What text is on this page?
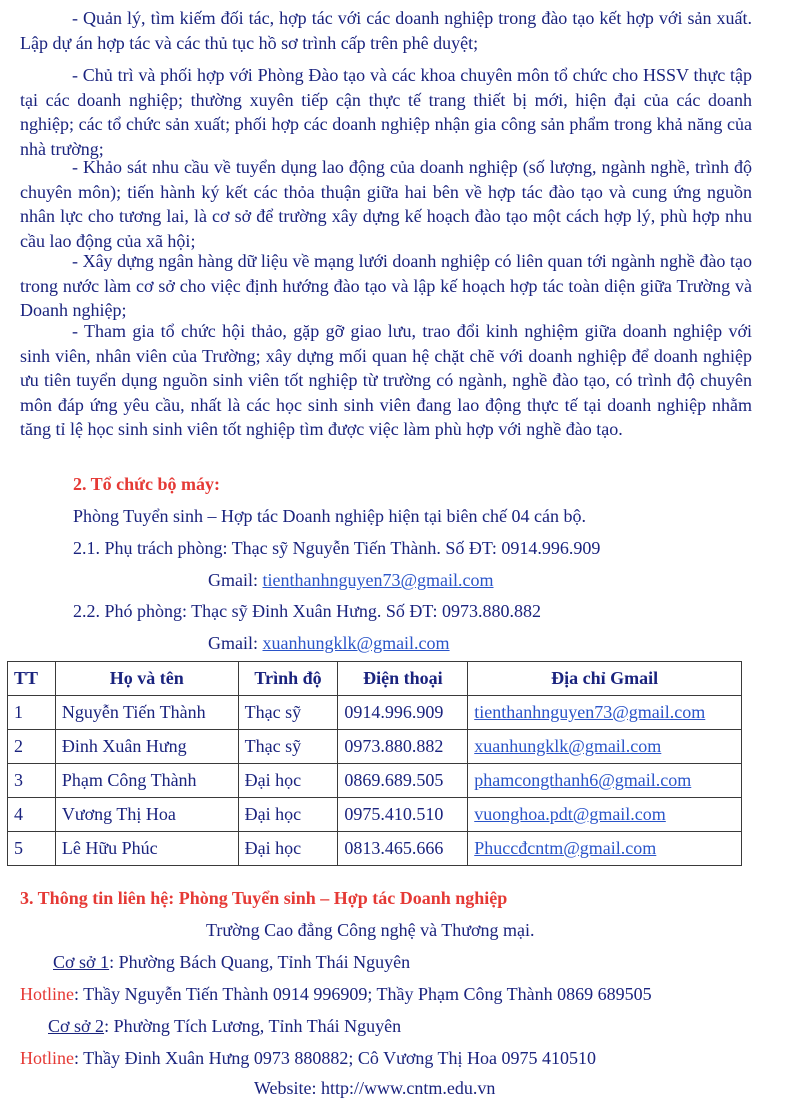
- Quản lý, tìm kiếm đối tác, hợp tác với các doanh nghiệp trong đào tạo kết hợp với sản xuất. Lập dự án hợp tác và các thủ tục hồ sơ trình cấp trên phê duyệt;

- Chủ trì và phối hợp với Phòng Đào tạo và các khoa chuyên môn tổ chức cho HSSV thực tập tại các doanh nghiệp; thường xuyên tiếp cận thực tế trang thiết bị mới, hiện đại của các doanh nghiệp; các tổ chức sản xuất; phối hợp các doanh nghiệp nhận gia công sản phẩm trong khả năng của nhà trường;

- Khảo sát nhu cầu về tuyển dụng lao động của doanh nghiệp (số lượng, ngành nghề, trình độ chuyên môn); tiến hành ký kết các thỏa thuận giữa hai bên về hợp tác đào tạo và cung ứng nguồn nhân lực cho tương lai, là cơ sở để trường xây dựng kế hoạch đào tạo một cách hợp lý, phù hợp nhu cầu lao động của xã hội;

- Xây dựng ngân hàng dữ liệu về mạng lưới doanh nghiệp có liên quan tới ngành nghề đào tạo trong nước làm cơ sở cho việc định hướng đào tạo và lập kế hoạch hợp tác toàn diện giữa Trường và Doanh nghiệp;

- Tham gia tổ chức hội thảo, gặp gỡ giao lưu, trao đổi kinh nghiệm giữa doanh nghiệp với sinh viên, nhân viên của Trường; xây dựng mối quan hệ chặt chẽ với doanh nghiệp để doanh nghiệp ưu tiên tuyển dụng nguồn sinh viên tốt nghiệp từ trường có ngành, nghề đào tạo, có trình độ chuyên môn đáp ứng yêu cầu, nhất là các học sinh sinh viên đang lao động thực tế tại doanh nghiệp nhằm tăng tỉ lệ học sinh sinh viên tốt nghiệp tìm được việc làm phù hợp với nghề đào tạo.

2. Tổ chức bộ máy:

Phòng Tuyển sinh – Hợp tác Doanh nghiệp hiện tại biên chế 04 cán bộ.

2.1. Phụ trách phòng: Thạc sỹ Nguyễn Tiến Thành. Số ĐT: 0914.996.909

Gmail: tienthanhnguyen73@gmail.com

2.2. Phó phòng: Thạc sỹ Đinh Xuân Hưng. Số ĐT: 0973.880.882

Gmail: xuanhungklk@gmail.com

TT	Họ và tên	Trình độ	Điện thoại	Địa chỉ Gmail
1	Nguyễn Tiến Thành	Thạc sỹ	0914.996.909	tienthanhnguyen73@gmail.com
2	Đinh Xuân Hưng	Thạc sỹ	0973.880.882	xuanhungklk@gmail.com
3	Phạm Công Thành	Đại học	0869.689.505	phamcongthanh6@gmail.com
4	Vương Thị Hoa	Đại học	0975.410.510	vuonghoa.pdt@gmail.com
5	Lê Hữu Phúc	Đại học	0813.465.666	Phuccđcntm@gmail.com

3. Thông tin liên hệ: Phòng Tuyển sinh – Hợp tác Doanh nghiệp

Trường Cao đẳng Công nghệ và Thương mại.

Cơ sở 1: Phường Bách Quang, Tỉnh Thái Nguyên

Hotline: Thầy Nguyễn Tiến Thành 0914 996909; Thầy Phạm Công Thành 0869 689505

Cơ sở 2: Phường Tích Lương, Tỉnh Thái Nguyên

Hotline: Thầy Đinh Xuân Hưng 0973 880882; Cô Vương Thị Hoa 0975 410510

Website: http://www.cntm.edu.vn
